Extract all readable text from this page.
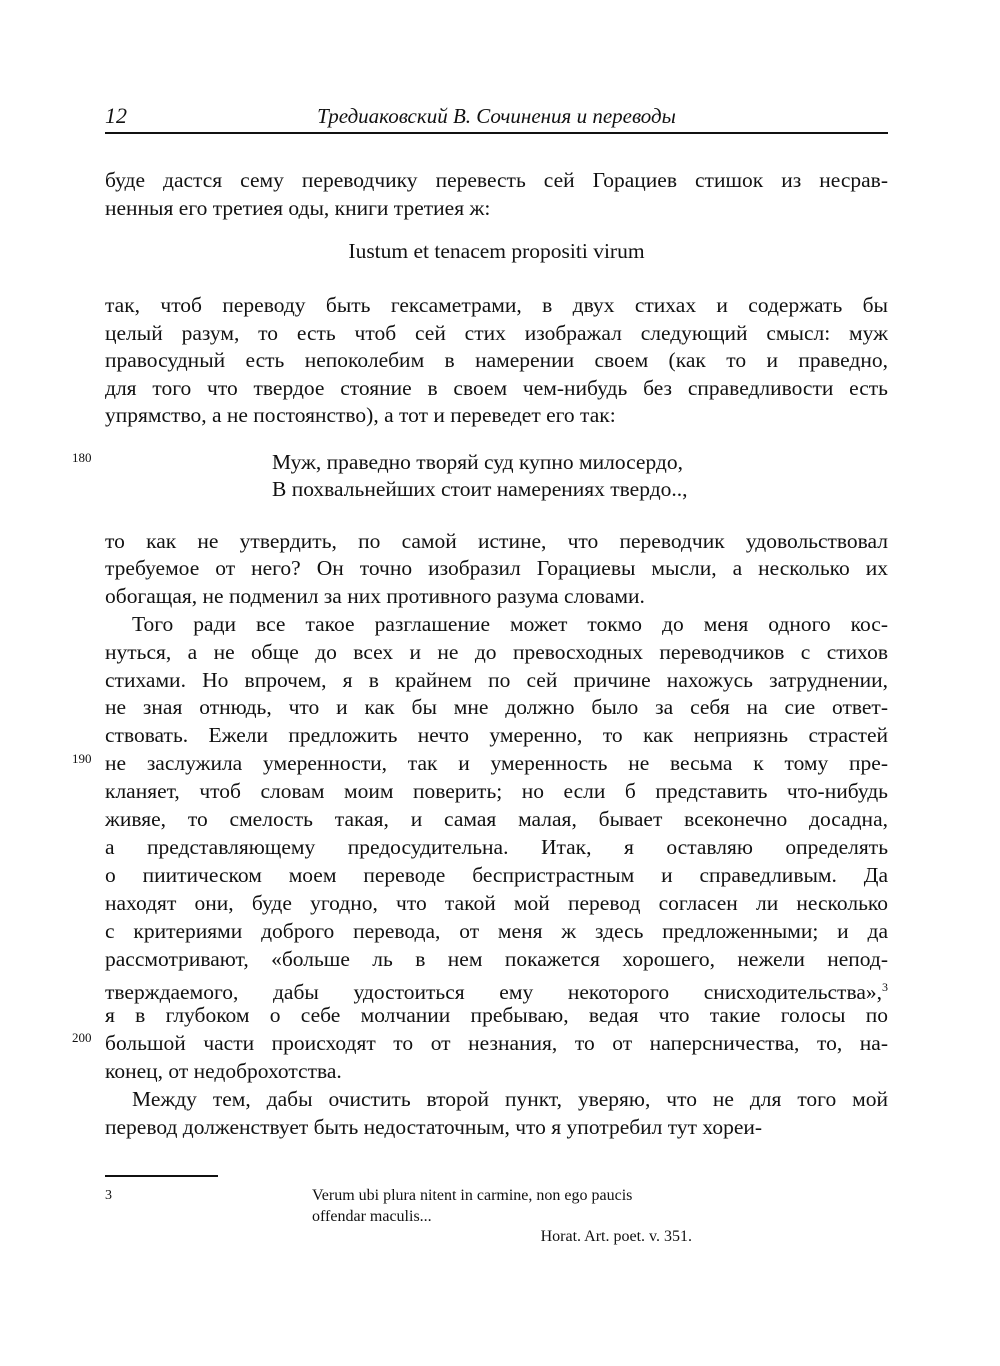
12	Тредиаковский В. Сочинения и переводы
буде дастся сему переводчику перевесть сей Горациев стишок из несрав-
ненныя его третиея оды, книги третиея ж:
Iustum et tenacem propositi virum
так, чтоб переводу быть гексаметрами, в двух стихах и содержать бы
целый разум, то есть чтоб сей стих изображал следующий смысл: муж
правосудный есть непоколебим в намерении своем (как то и праведно,
для того что твердое стояние в своем чем-нибудь без справедливости есть
упрямство, а не постоянство), а тот и переведет его так:
Муж, праведно творяй суд купно милосердо,
В похвальнейших стоит намерениях твердо..,
то как не утвердить, по самой истине, что переводчик удовольствовал
требуемое от него? Он точно изобразил Горациевы мысли, а несколько их
обогащая, не подменил за них противного разума словами.
Того ради все такое разглашение может токмо до меня одного кос-
нуться, а не обще до всех и не до превосходных переводчиков с стихов
стихами. Но впрочем, я в крайнем по сей причине нахожусь затруднении,
не зная отнюдь, что и как бы мне должно было за себя на сие ответ-
ствовать. Ежели предложить нечто умеренно, то как неприязнь страстей
не заслужила умеренности, так и умеренность не весьма к тому пре-
кланяет, чтоб словам моим поверить; но если б представить что-нибудь
живяе, то смелость такая, и самая малая, бывает всеконечно досадна,
а представляющему предосудительна. Итак, я оставляю определять
о пиитическом моем переводе беспристрастным и справедливым. Да
находят они, буде угодно, что такой мой перевод согласен ли несколько
с критериями доброго перевода, от меня ж здесь предложенными; и да
рассмотривают, «больше ль в нем покажется хорошего, нежели непод-
тверждаемого, дабы удостоиться ему некоторого снисходительства»,$^3$
я в глубоком о себе молчании пребываю, ведая что такие голосы по
большой части происходят то от незнания, то от наперсничества, то, на-
конец, от недоброхотства.
Между тем, дабы очистить второй пункт, уверяю, что не для того мой
перевод долженствует быть недостаточным, что я употребил тут хореи-
180
190
200
3	Verum ubi plura nitent in carmine, non ego paucis
offendar maculis...
Horat. Art. poet. v. 351.
